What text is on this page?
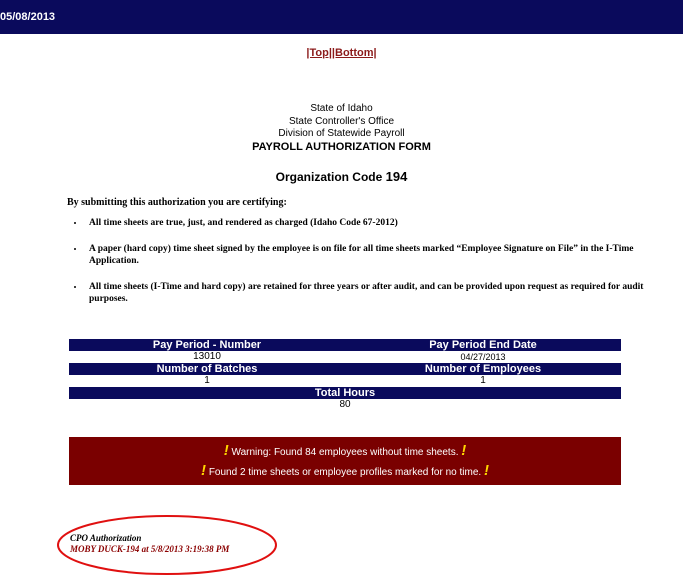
05/08/2013
|Top||Bottom|
State of Idaho
State Controller's Office
Division of Statewide Payroll
PAYROLL AUTHORIZATION FORM
Organization Code 194
By submitting this authorization you are certifying:
• All time sheets are true, just, and rendered as charged (Idaho Code 67-2012)
• A paper (hard copy) time sheet signed by the employee is on file for all time sheets marked “Employee Signature on File” in the I-Time Application.
• All time sheets (I-Time and hard copy) are retained for three years or after audit, and can be provided upon request as required for audit purposes.
Pay Period - Number	Pay Period End Date
13010	04/27/2013
Number of Batches	Number of Employees
1	1
Total Hours	
80	
! Warning: Found 84 employees without time sheets. !
! Found 2 time sheets or employee profiles marked for no time. !
CPO Authorization
MOBY DUCK-194 at 5/8/2013 3:19:38 PM
